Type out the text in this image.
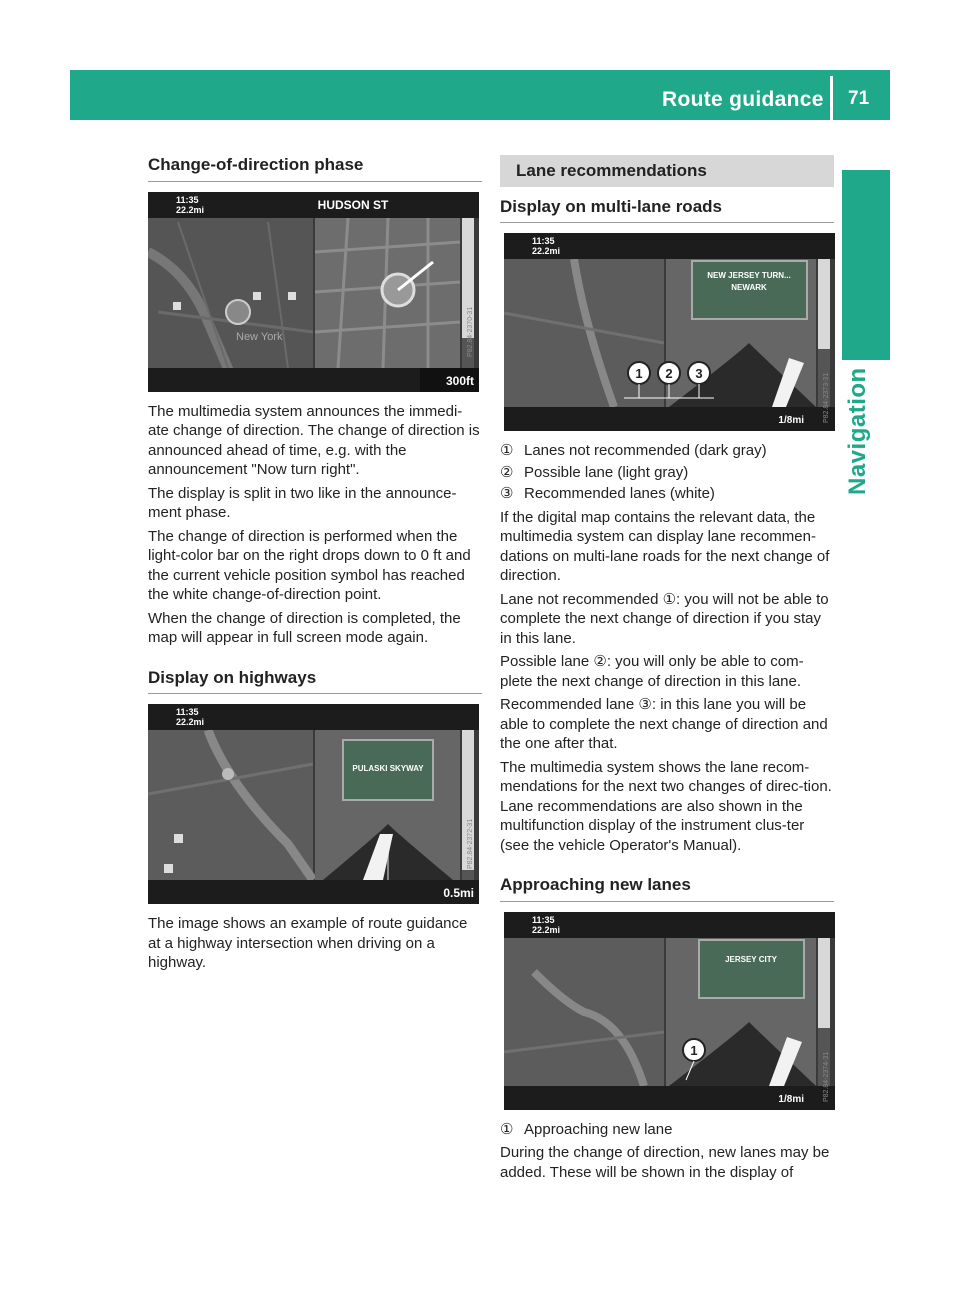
Route guidance 71
Navigation
Change-of-direction phase
New York
11:35
22.2mi	HUDSON ST
300ft
P82.84-2370-31

The multimedia system announces the immedi-ate change of direction. The change of direction is announced ahead of time, e.g. with the announcement "Now turn right".

The display is split in two like in the announce-ment phase.

The change of direction is performed when the light-color bar on the right drops down to 0 ft and the current vehicle position symbol has reached the white change-of-direction point.

When the change of direction is completed, the map will appear in full screen mode again.

Display on highways
PULASKI SKYWAY
11:35
22.2mi
0.5mi
P82.84-2372-31

The image shows an example of route guidance at a highway intersection when driving on a highway.

Lane recommendations
Display on multi-lane roads
NEW JERSEY TURN...
NEWARK
1 2 3
11:35
22.2mi
1/8mi	P82.84-2373-31
① Lanes not recommended (dark gray)
② Possible lane (light gray)
③ Recommended lanes (white)

If the digital map contains the relevant data, the multimedia system can display lane recommen-dations on multi-lane roads for the next change of direction.

Lane not recommended ①: you will not be able to complete the next change of direction if you stay in this lane.

Possible lane ②: you will only be able to com-plete the next change of direction in this lane.

Recommended lane ③: in this lane you will be able to complete the next change of direction and the one after that.

The multimedia system shows the lane recom-mendations for the next two changes of direc-tion. Lane recommendations are also shown in the multifunction display of the instrument clus-ter (see the vehicle Operator's Manual).

Approaching new lanes
JERSEY CITY
1
11:35
22.2mi
1/8mi	P82.84-2374-31
① Approaching new lane

During the change of direction, new lanes may be added. These will be shown in the display of
